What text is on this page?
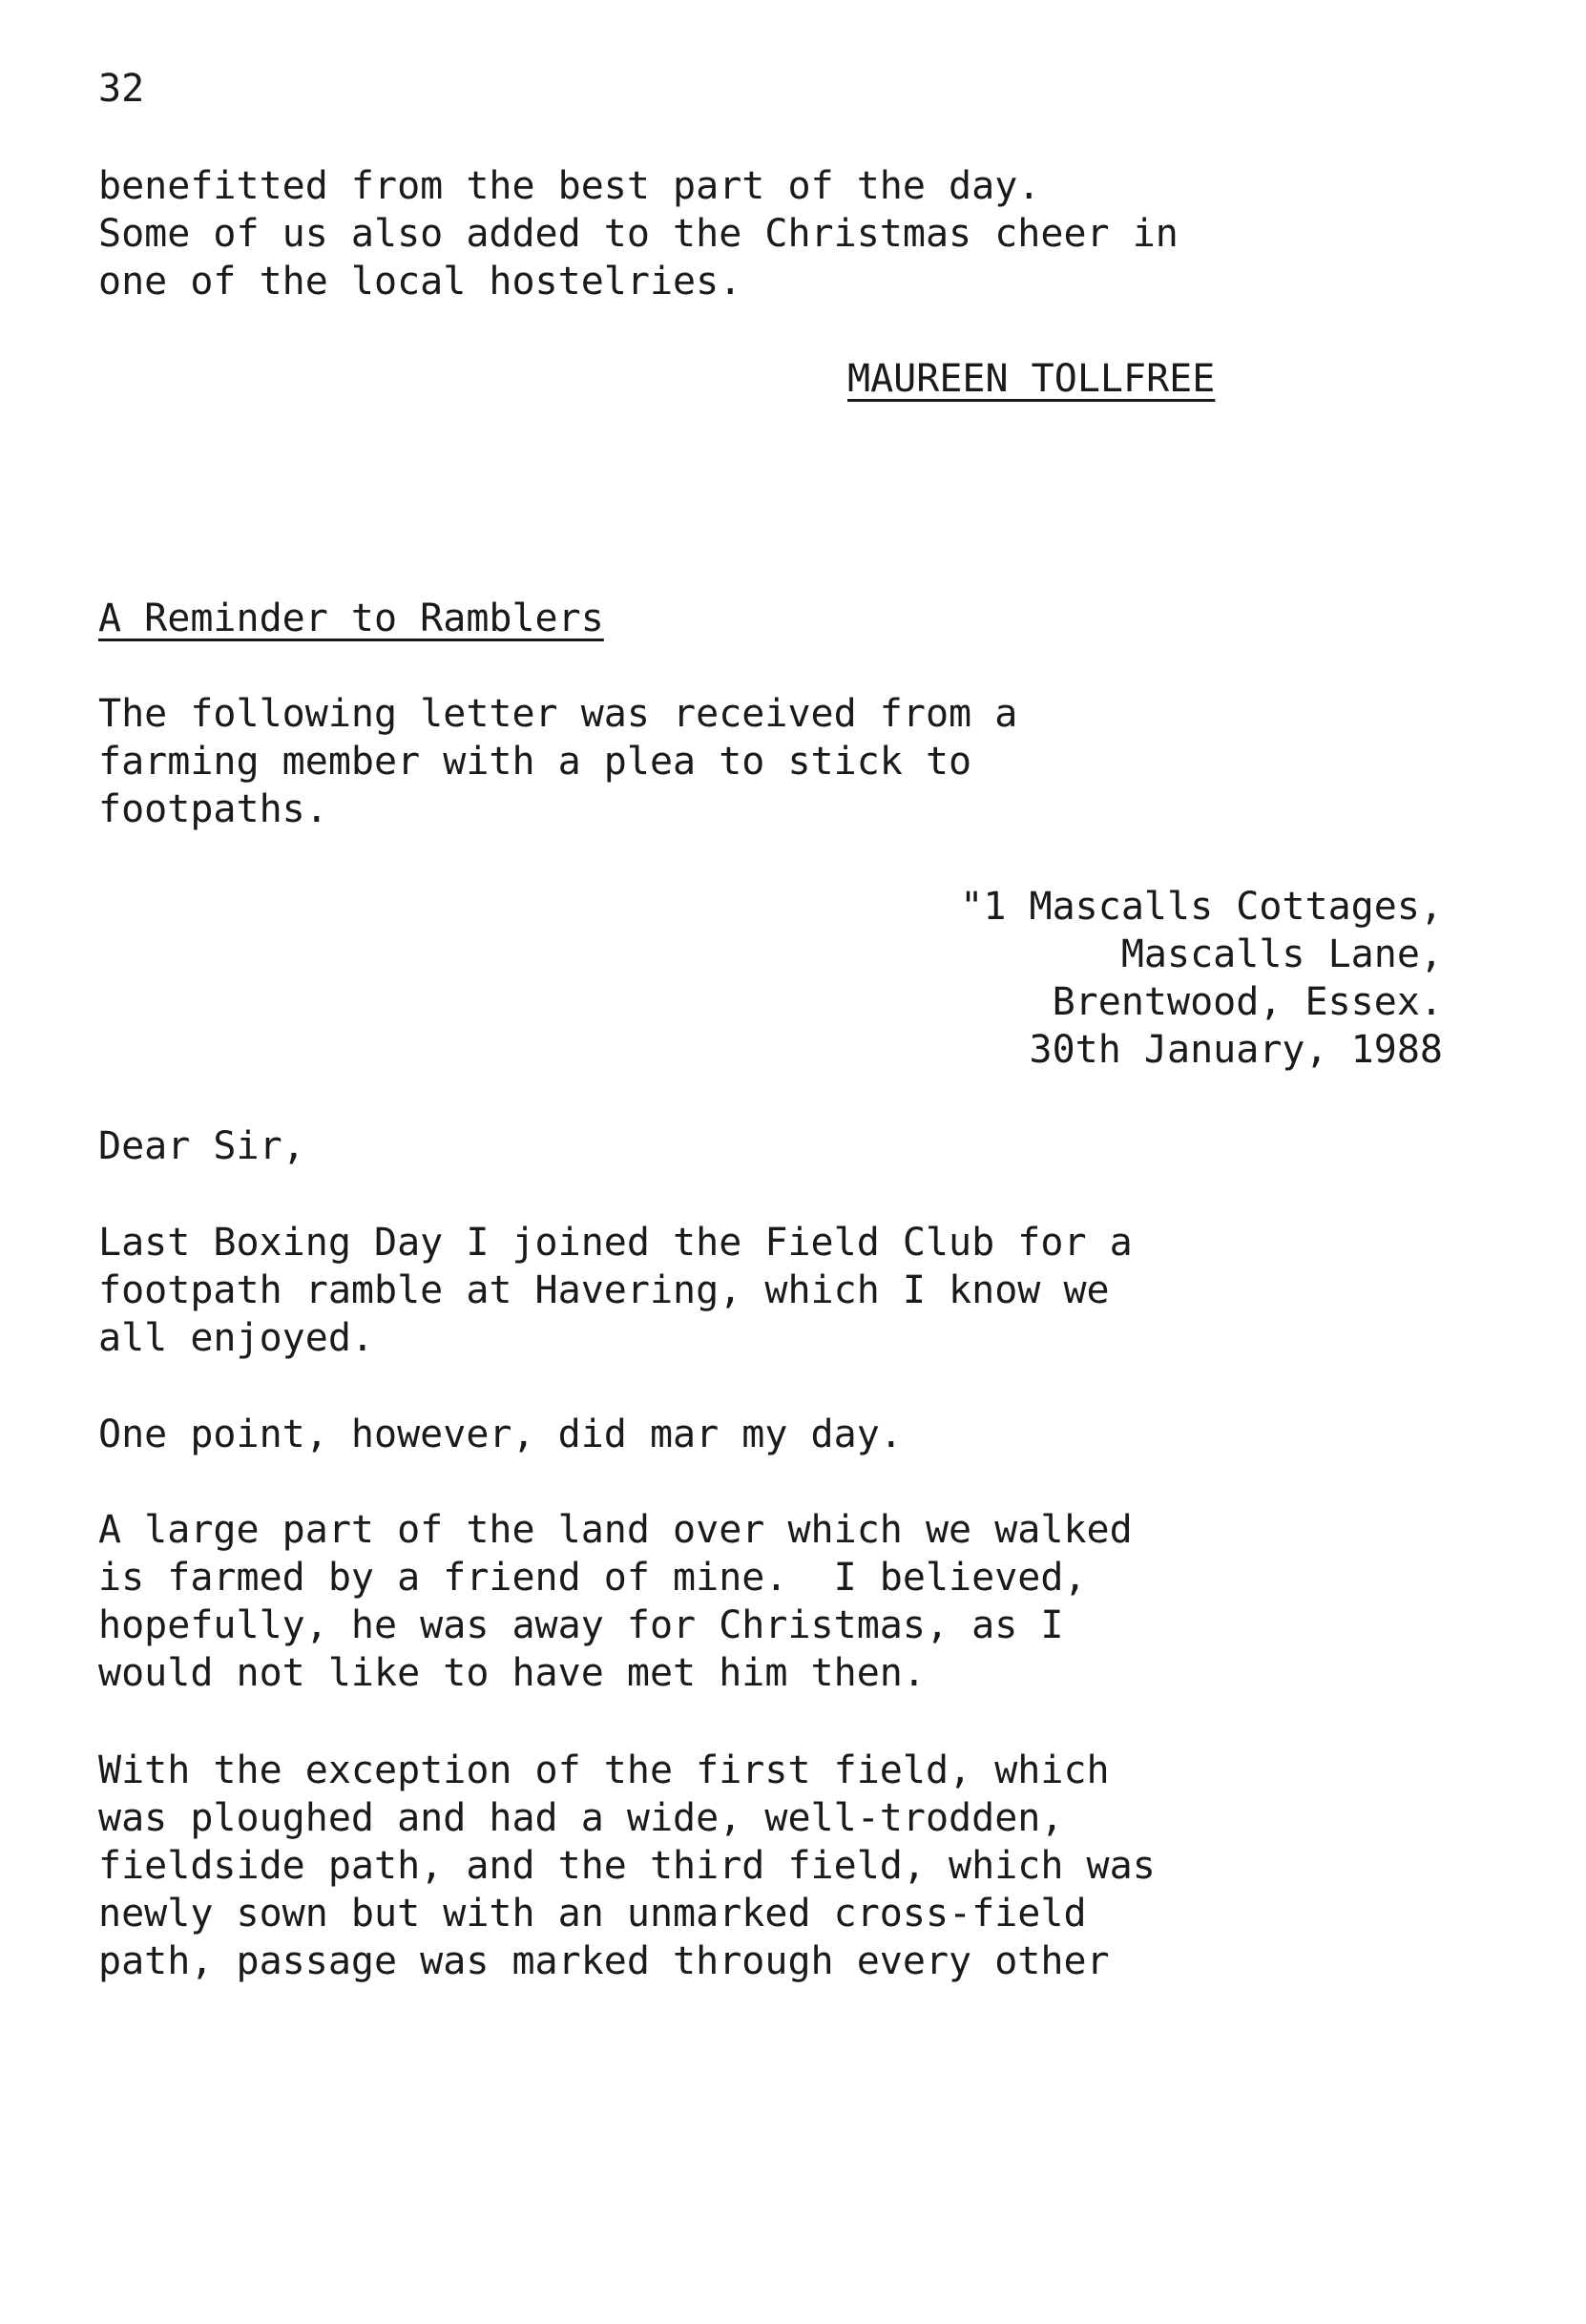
32
benefitted from the best part of the day.
Some of us also added to the Christmas cheer in
one of the local hostelries.
MAUREEN TOLLFREE
A Reminder to Ramblers
The following letter was received from a
farming member with a plea to stick to
footpaths.
"1 Mascalls Cottages,
Mascalls Lane,
Brentwood, Essex.
30th January, 1988
Dear Sir,
Last Boxing Day I joined the Field Club for a
footpath ramble at Havering, which I know we
all enjoyed.
One point, however, did mar my day.
A large part of the land over which we walked
is farmed by a friend of mine.  I believed,
hopefully, he was away for Christmas, as I
would not like to have met him then.
With the exception of the first field, which
was ploughed and had a wide, well-trodden,
fieldside path, and the third field, which was
newly sown but with an unmarked cross-field
path, passage was marked through every other
